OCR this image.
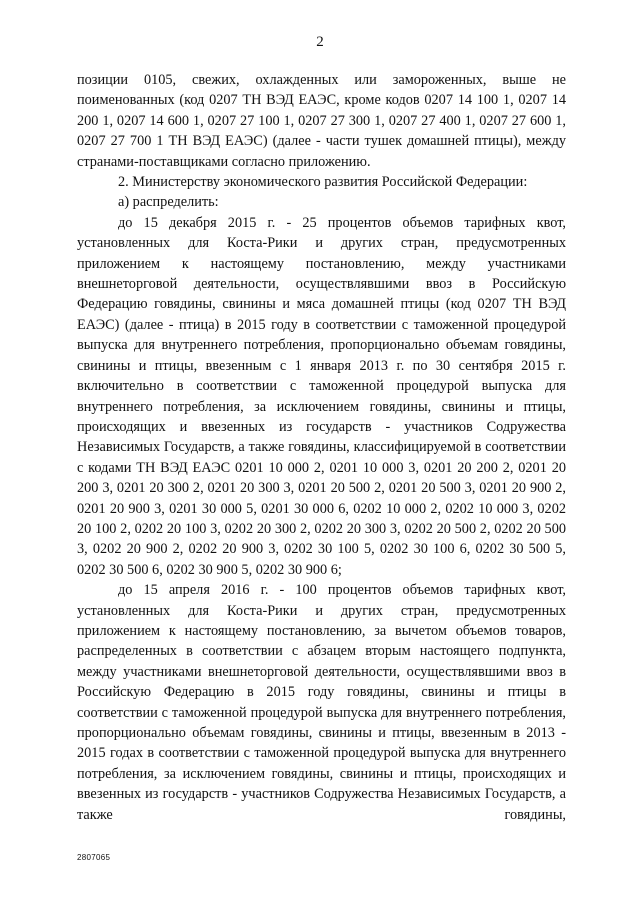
2

позиции 0105, свежих, охлажденных или замороженных, выше не поименованных (код 0207 ТН ВЭД ЕАЭС, кроме кодов 0207 14 100 1, 0207 14 200 1, 0207 14 600 1, 0207 27 100 1, 0207 27 300 1, 0207 27 400 1, 0207 27 600 1, 0207 27 700 1 ТН ВЭД ЕАЭС) (далее - части тушек домашней птицы), между странами-поставщиками согласно приложению.

2. Министерству экономического развития Российской Федерации:

а) распределить:

до 15 декабря 2015 г. - 25 процентов объемов тарифных квот, установленных для Коста-Рики и других стран, предусмотренных приложением к настоящему постановлению, между участниками внешнеторговой деятельности, осуществлявшими ввоз в Российскую Федерацию говядины, свинины и мяса домашней птицы (код 0207 ТН ВЭД ЕАЭС) (далее - птица) в 2015 году в соответствии с таможенной процедурой выпуска для внутреннего потребления, пропорционально объемам говядины, свинины и птицы, ввезенным с 1 января 2013 г. по 30 сентября 2015 г. включительно в соответствии с таможенной процедурой выпуска для внутреннего потребления, за исключением говядины, свинины и птицы, происходящих и ввезенных из государств - участников Содружества Независимых Государств, а также говядины, классифицируемой в соответствии с кодами ТН ВЭД ЕАЭС 0201 10 000 2, 0201 10 000 3, 0201 20 200 2, 0201 20 200 3, 0201 20 300 2, 0201 20 300 3, 0201 20 500 2, 0201 20 500 3, 0201 20 900 2, 0201 20 900 3, 0201 30 000 5, 0201 30 000 6, 0202 10 000 2, 0202 10 000 3, 0202 20 100 2, 0202 20 100 3, 0202 20 300 2, 0202 20 300 3, 0202 20 500 2, 0202 20 500 3, 0202 20 900 2, 0202 20 900 3, 0202 30 100 5, 0202 30 100 6, 0202 30 500 5, 0202 30 500 6, 0202 30 900 5, 0202 30 900 6;

до 15 апреля 2016 г. - 100 процентов объемов тарифных квот, установленных для Коста-Рики и других стран, предусмотренных приложением к настоящему постановлению, за вычетом объемов товаров, распределенных в соответствии с абзацем вторым настоящего подпункта, между участниками внешнеторговой деятельности, осуществлявшими ввоз в Российскую Федерацию в 2015 году говядины, свинины и птицы в соответствии с таможенной процедурой выпуска для внутреннего потребления, пропорционально объемам говядины, свинины и птицы, ввезенным в 2013 - 2015 годах в соответствии с таможенной процедурой выпуска для внутреннего потребления, за исключением говядины, свинины и птицы, происходящих и ввезенных из государств - участников Содружества Независимых Государств, а также говядины,

2807065
